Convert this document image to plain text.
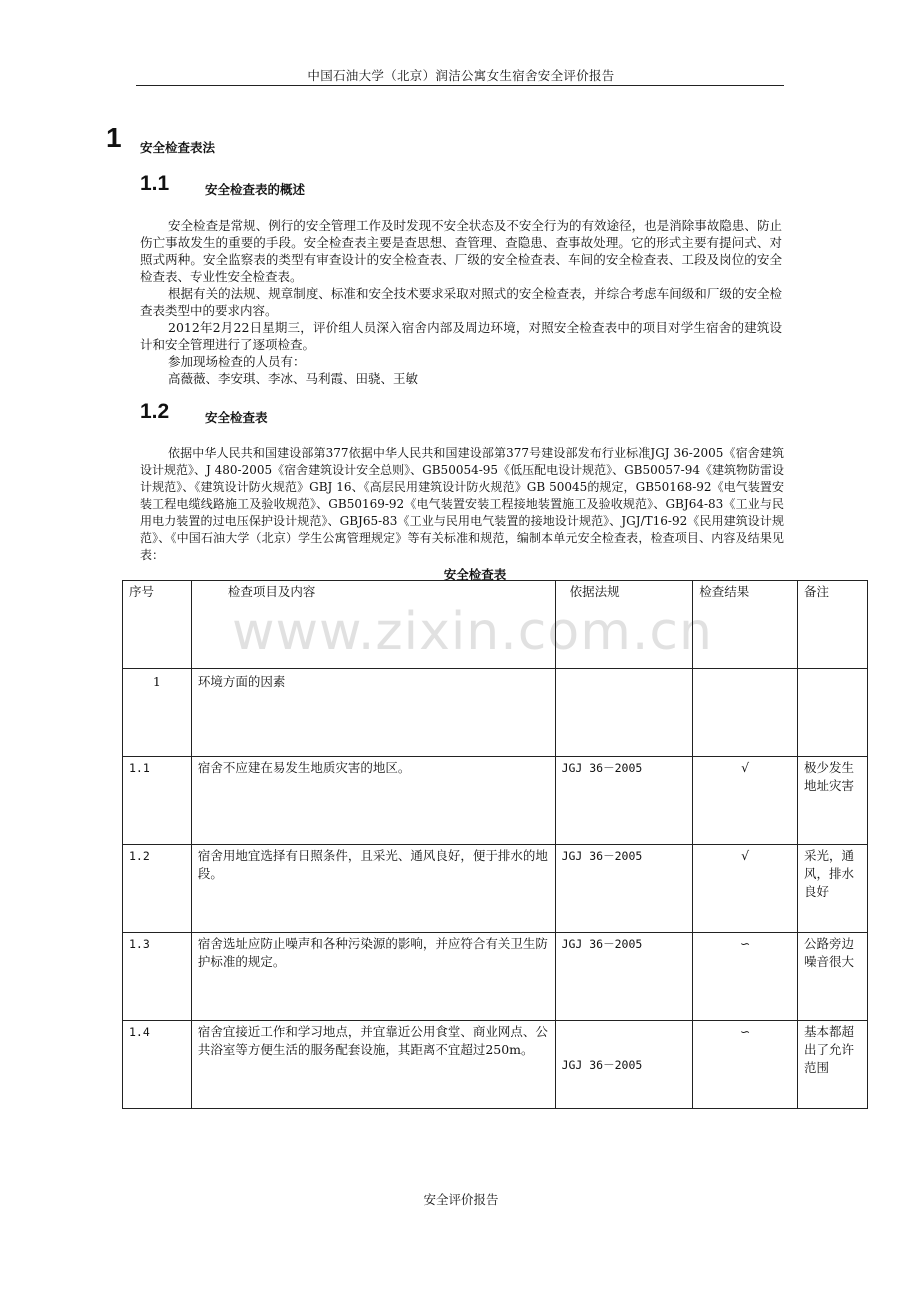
中国石油大学（北京）润洁公寓女生宿舍安全评价报告
1 安全检查表法
1.1	安全检查表的概述

安全检查是常规、例行的安全管理工作及时发现不安全状态及不安全行为的有效途径，也是消除事故隐患、防止伤亡事故发生的重要的手段。安全检查表主要是查思想、查管理、查隐患、查事故处理。它的形式主要有提问式、对照式两种。安全监察表的类型有审查设计的安全检查表、厂级的安全检查表、车间的安全检查表、工段及岗位的安全检查表、专业性安全检查表。

根据有关的法规、规章制度、标准和安全技术要求采取对照式的安全检查表，并综合考虑车间级和厂级的安全检查表类型中的要求内容。

2012年2月22日星期三，评价组人员深入宿舍内部及周边环境，对照安全检查表中的项目对学生宿舍的建筑设计和安全管理进行了逐项检查。

参加现场检查的人员有：

高薇薇、李安琪、李冰、马利霞、田骁、王敏

1.2	安全检查表

依据中华人民共和国建设部第377依据中华人民共和国建设部第377号建设部发布行业标准JGJ 36-2005《宿舍建筑设计规范》、J 480-2005《宿舍建筑设计安全总则》、GB50054-95《低压配电设计规范》、GB50057-94《建筑物防雷设计规范》、《建筑设计防火规范》GBJ 16、《高层民用建筑设计防火规范》GB 50045的规定，GB50168-92《电气装置安装工程电缆线路施工及验收规范》、GB50169-92《电气装置安装工程接地装置施工及验收规范》、GBJ64-83《工业与民用电力装置的过电压保护设计规范》、GBJ65-83《工业与民用电气装置的接地设计规范》、JGJ/T16-92《民用建筑设计规范》、《中国石油大学（北京）学生公寓管理规定》等有关标准和规范，编制本单元安全检查表，检查项目、内容及结果见表：

安全检查表
www.zixin.com.cn
序号	检查项目及内容	依据法规	检查结果	备注
1	环境方面的因素			
1.1	宿舍不应建在易发生地质灾害的地区。	JGJ 36－2005	√	极少发生地址灾害
1.2	宿舍用地宜选择有日照条件，且采光、通风良好，便于排水的地段。	JGJ 36－2005	√	采光，通风，排水良好
1.3	宿舍选址应防止噪声和各种污染源的影响，并应符合有关卫生防护标准的规定。	JGJ 36－2005	∽	公路旁边噪音很大
1.4	宿舍宜接近工作和学习地点，并宜靠近公用食堂、商业网点、公共浴室等方便生活的服务配套设施，其距离不宜超过250m。	JGJ 36－2005	∽	基本都超出了允许范围
安全评价报告
